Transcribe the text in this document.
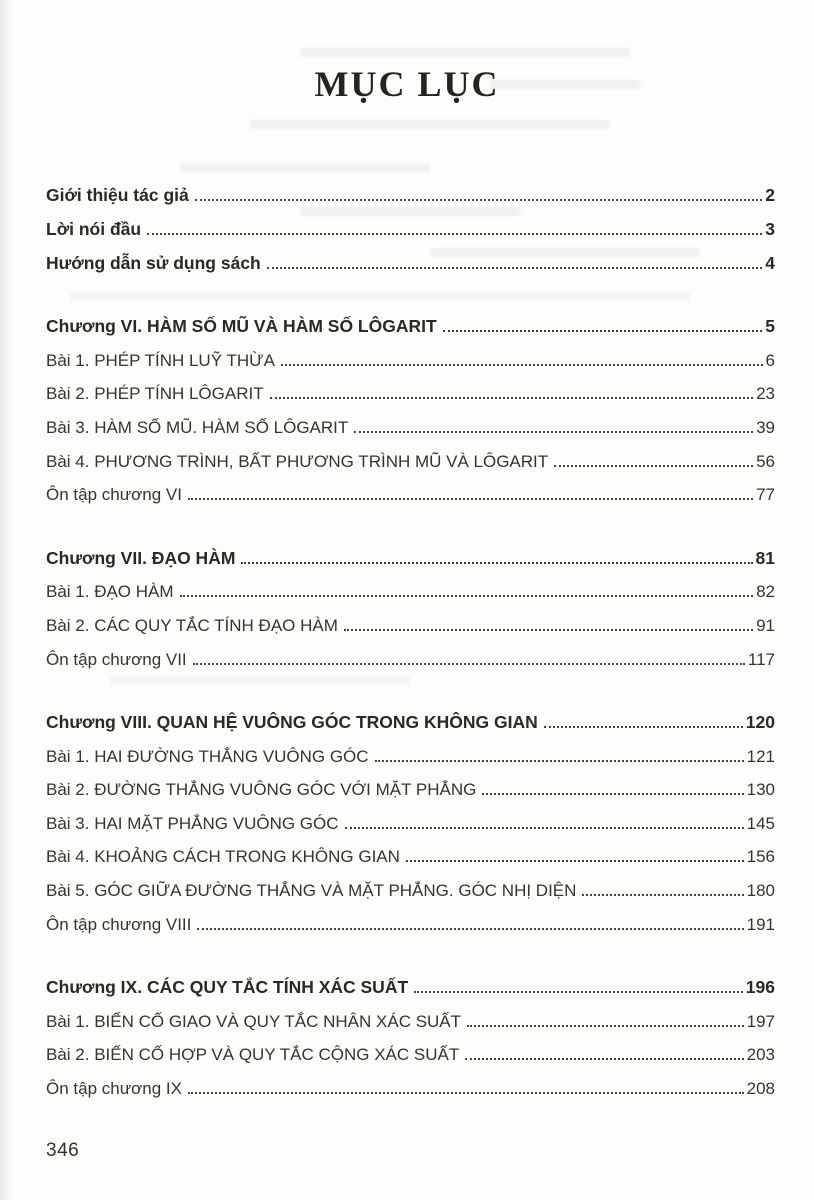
MỤC LỤC
Giới thiệu tác giả	2
Lời nói đầu	3
Hướng dẫn sử dụng sách	4
Chương VI. HÀM SỐ MŨ VÀ HÀM SỐ LÔGARIT	5
Bài 1. PHÉP TÍNH LUỸ THỪA	6
Bài 2. PHÉP TÍNH LÔGARIT	23
Bài 3. HÀM SỐ MŨ. HÀM SỐ LÔGARIT	39
Bài 4. PHƯƠNG TRÌNH, BẤT PHƯƠNG TRÌNH MŨ VÀ LÔGARIT	56
Ôn tập chương VI	77
Chương VII. ĐẠO HÀM	81
Bài 1. ĐẠO HÀM	82
Bài 2. CÁC QUY TẮC TÍNH ĐẠO HÀM	91
Ôn tập chương VII	117
Chương VIII. QUAN HỆ VUÔNG GÓC TRONG KHÔNG GIAN	120
Bài 1. HAI ĐƯỜNG THẲNG VUÔNG GÓC	121
Bài 2. ĐƯỜNG THẲNG VUÔNG GÓC VỚI MẶT PHẲNG	130
Bài 3. HAI MẶT PHẲNG VUÔNG GÓC	145
Bài 4. KHOẢNG CÁCH TRONG KHÔNG GIAN	156
Bài 5. GÓC GIỮA ĐƯỜNG THẲNG VÀ MẶT PHẲNG. GÓC NHỊ DIỆN	180
Ôn tập chương VIII	191
Chương IX. CÁC QUY TẮC TÍNH XÁC SUẤT	196
Bài 1. BIẾN CỐ GIAO VÀ QUY TẮC NHÂN XÁC SUẤT	197
Bài 2. BIẾN CỐ HỢP VÀ QUY TẮC CỘNG XÁC SUẤT	203
Ôn tập chương IX	208
346
